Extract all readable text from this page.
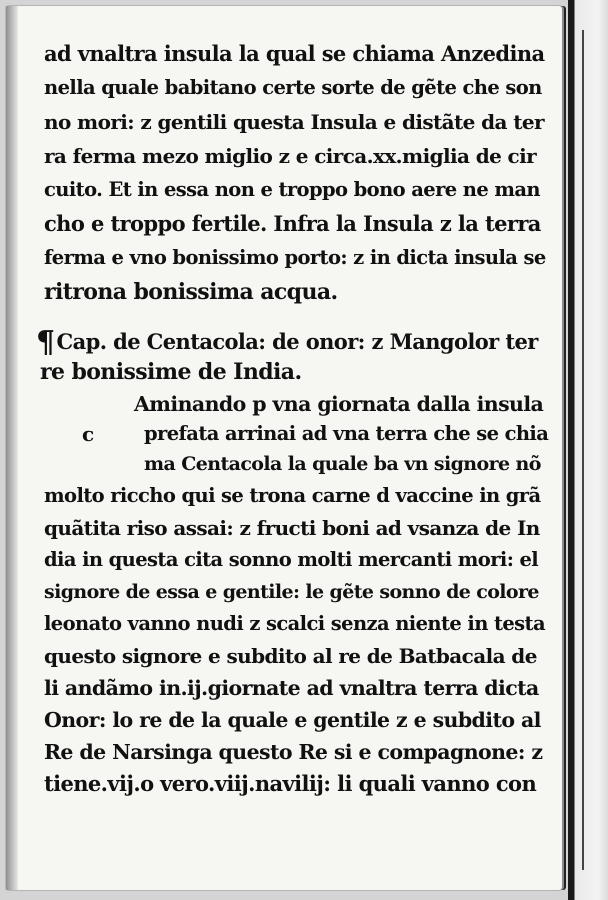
ad vnaltra insula la qual se chiama Anzedina
nella quale babitano certe sorte de gẽte che son
no mori: z gentili questa Insula e distãte da ter
ra ferma mezo miglio z e circa.xx.miglia de cir
cuito. Et in essa non e troppo bono aere ne man
cho e troppo fertile. Infra la Insula z la terra
ferma e vno bonissimo porto: z in dicta insula se
ritrona bonissima acqua.
¶Cap. de Centacola: de onor: z Mangolor ter
re bonissime de India.
Aminando p vna giornata dalla insula
prefata arrinai ad vna terra che se chia
ma Centacola la quale ba vn signore nõ
c
molto riccho qui se trona carne d vaccine in grã
quãtita riso assai: z fructi boni ad vsanza de In
dia in questa cita sonno molti mercanti mori: el
signore de essa e gentile: le gẽte sonno de colore
leonato vanno nudi z scalci senza niente in testa
questo signore e subdito al re de Batbacala de
li andãmo in.ij.giornate ad vnaltra terra dicta
Onor: lo re de la quale e gentile z e subdito al
Re de Narsinga questo Re si e compagnone: z
tiene.vij.o vero.viij.navilij: li quali vanno con
